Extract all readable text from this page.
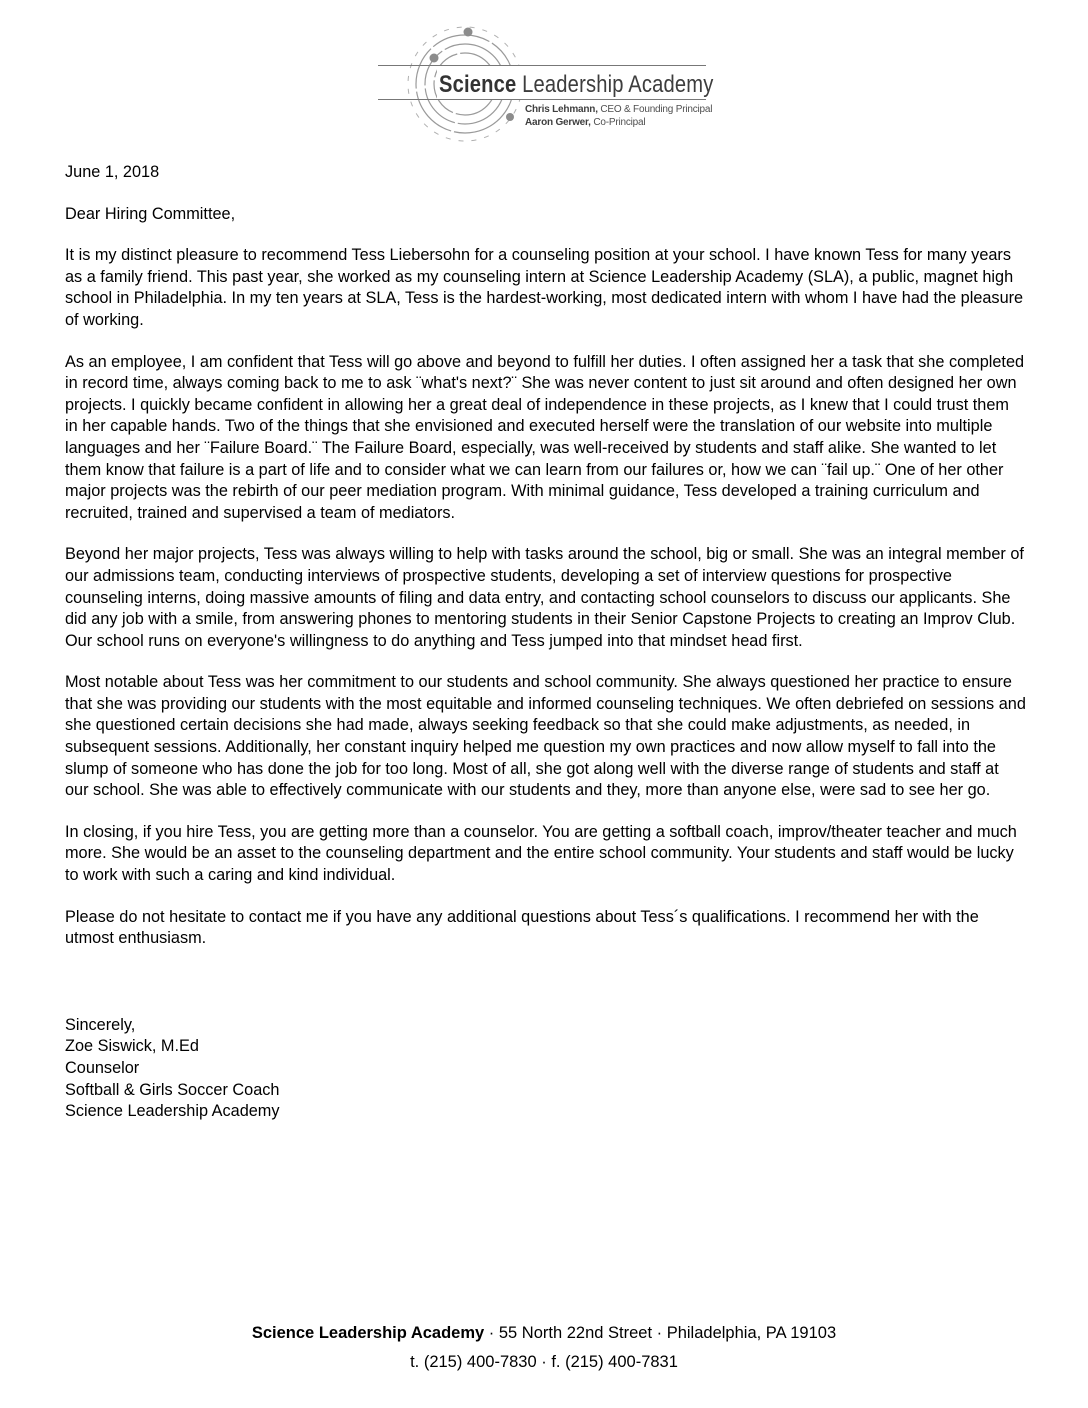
Science Leadership Academy
Chris Lehmann, CEO & Founding Principal
Aaron Gerwer, Co-Principal

June 1, 2018

Dear Hiring Committee,

It is my distinct pleasure to recommend Tess Liebersohn for a counseling position at your school. I have known Tess for many years as a family friend. This past year, she worked as my counseling intern at Science Leadership Academy (SLA), a public, magnet high school in Philadelphia. In my ten years at SLA, Tess is the hardest-working, most dedicated intern with whom I have had the pleasure of working.

As an employee, I am confident that Tess will go above and beyond to fulfill her duties. I often assigned her a task that she completed in record time, always coming back to me to ask ¨what's next?¨ She was never content to just sit around and often designed her own projects. I quickly became confident in allowing her a great deal of independence in these projects, as I knew that I could trust them in her capable hands. Two of the things that she envisioned and executed herself were the translation of our website into multiple languages and her ¨Failure Board.¨ The Failure Board, especially, was well-received by students and staff alike. She wanted to let them know that failure is a part of life and to consider what we can learn from our failures or, how we can ¨fail up.¨ One of her other major projects was the rebirth of our peer mediation program. With minimal guidance, Tess developed a training curriculum and recruited, trained and supervised a team of mediators.

Beyond her major projects, Tess was always willing to help with tasks around the school, big or small. She was an integral member of our admissions team, conducting interviews of prospective students, developing a set of interview questions for prospective counseling interns, doing massive amounts of filing and data entry, and contacting school counselors to discuss our applicants. She did any job with a smile, from answering phones to mentoring students in their Senior Capstone Projects to creating an Improv Club. Our school runs on everyone's willingness to do anything and Tess jumped into that mindset head first.

Most notable about Tess was her commitment to our students and school community. She always questioned her practice to ensure that she was providing our students with the most equitable and informed counseling techniques. We often debriefed on sessions and she questioned certain decisions she had made, always seeking feedback so that she could make adjustments, as needed, in subsequent sessions. Additionally, her constant inquiry helped me question my own practices and now allow myself to fall into the slump of someone who has done the job for too long. Most of all, she got along well with the diverse range of students and staff at our school. She was able to effectively communicate with our students and they, more than anyone else, were sad to see her go.

In closing, if you hire Tess, you are getting more than a counselor. You are getting a softball coach, improv/theater teacher and much more. She would be an asset to the counseling department and the entire school community. Your students and staff would be lucky to work with such a caring and kind individual.

Please do not hesitate to contact me if you have any additional questions about Tess´s qualifications. I recommend her with the utmost enthusiasm.

Sincerely,

Zoe Siswick, M.Ed

Counselor

Softball & Girls Soccer Coach

Science Leadership Academy

Science Leadership Academy · 55 North 22nd Street · Philadelphia, PA 19103
t. (215) 400-7830 · f. (215) 400-7831
